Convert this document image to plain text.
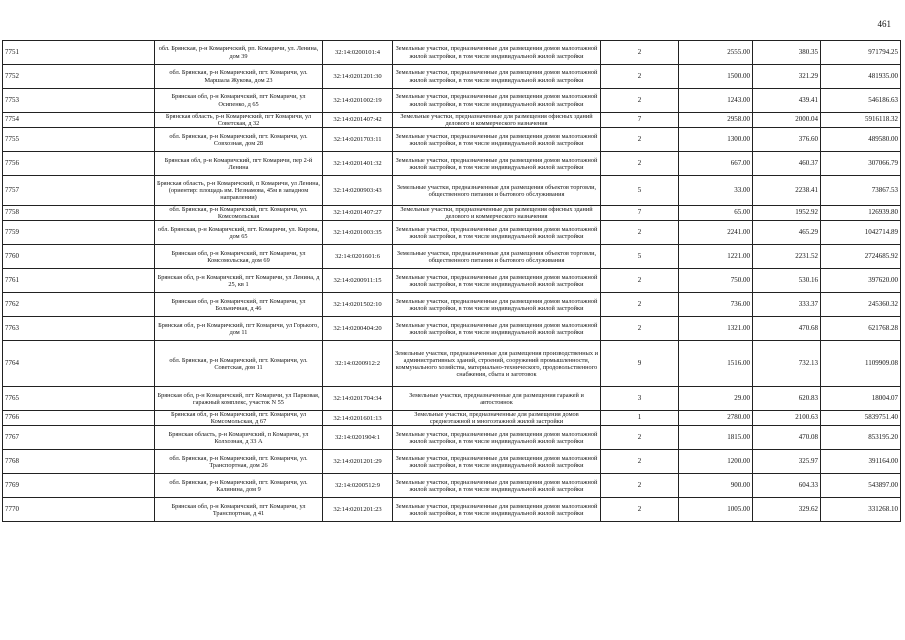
461
7751	обл. Брянская, р-н Комаричский, рп. Комаричи, ул. Ленина, дом 39	32:14:0200101:4	Земельные участки, предназначенные для размещения домов малоэтажной жилой застройки, в том числе индивидуальной жилой застройки	2	2555.00	380.35	971794.25
7752	обл. Брянская, р-н Комаричский, пгт. Комаричи, ул. Маршала Жукова, дом 23	32:14:0201201:30	Земельные участки, предназначенные для размещения домов малоэтажной жилой застройки, в том числе индивидуальной жилой застройки	2	1500.00	321.29	481935.00
7753	Брянская обл, р-н Комаричский, пгт Комаричи, ул Осипенко, д 65	32:14:0201002:19	Земельные участки, предназначенные для размещения домов малоэтажной жилой застройки, в том числе индивидуальной жилой застройки	2	1243.00	439.41	546186.63
7754	Брянская область, р-н Комаричский, пгт Комаричи, ул Советская, д 32	32:14:0201407:42	Земельные участки, предназначенные для размещения офисных зданий делового и коммерческого назначения	7	2958.00	2000.04	5916118.32
7755	обл. Брянская, р-н Комаричский, пгт. Комаричи, ул. Совхозная, дом 28	32:14:0201703:11	Земельные участки, предназначенные для размещения домов малоэтажной жилой застройки, в том числе индивидуальной жилой застройки	2	1300.00	376.60	489580.00
7756	Брянская обл, р-н Комаричский, пгт Комаричи, пер 2-й Ленина	32:14:0201401:32	Земельные участки, предназначенные для размещения домов малоэтажной жилой застройки, в том числе индивидуальной жилой застройки	2	667.00	460.37	307066.79
7757	Брянская область, р-н Комаричский, п Комаричи, ул Ленина, (ориентир: площадь им. Незнамова, 45м в западном направлении)	32:14:0200903:43	Земельные участки, предназначенные для размещения объектов торговли, общественного питания и бытового обслуживания	5	33.00	2238.41	73867.53
7758	обл. Брянская, р-н Комаричский, пгт. Комаричи, ул. Комсомольская	32:14:0201407:27	Земельные участки, предназначенные для размещения офисных зданий делового и коммерческого назначения	7	65.00	1952.92	126939.80
7759	обл. Брянская, р-н Комаричский, пгт. Комаричи, ул. Кирова, дом 65	32:14:0201003:35	Земельные участки, предназначенные для размещения домов малоэтажной жилой застройки, в том числе индивидуальной жилой застройки	2	2241.00	465.29	1042714.89
7760	Брянская обл, р-н Комаричский, пгт Комаричи, ул Комсомольская, дом 69	32:14:0201601:6	Земельные участки, предназначенные для размещения объектов торговли, общественного питания и бытового обслуживания	5	1221.00	2231.52	2724685.92
7761	Брянская обл, р-н Комаричский, пгт Комаричи, ул Ленина, д 25, кв 1	32:14:0200911:15	Земельные участки, предназначенные для размещения домов малоэтажной жилой застройки, в том числе индивидуальной жилой застройки	2	750.00	530.16	397620.00
7762	Брянская обл, р-н Комаричский, пгт Комаричи, ул Больничная, д 46	32:14:0201502:10	Земельные участки, предназначенные для размещения домов малоэтажной жилой застройки, в том числе индивидуальной жилой застройки	2	736.00	333.37	245360.32
7763	Брянская обл, р-н Комаричский, пгт Комаричи, ул Горького, дом 11	32:14:0200404:20	Земельные участки, предназначенные для размещения домов малоэтажной жилой застройки, в том числе индивидуальной жилой застройки	2	1321.00	470.68	621768.28
7764	обл. Брянская, р-н Комаричский, пгт. Комаричи, ул. Советская, дом 11	32:14:0200912:2	Земельные участки, предназначенные для размещения производственных и административных зданий, строений, сооружений промышленности, коммунального хозяйства, материально-технического, продовольственного снабжения, сбыта и заготовок	9	1516.00	732.13	1109909.08
7765	Брянская обл, р-н Комаричский, пгт Комаричи, ул Парковая, гаражный комплекс, участок N 55	32:14:0201704:34	Земельные участки, предназначенные для размещения гаражей и автостоянок	3	29.00	620.83	18004.07
7766	Брянская обл, р-н Комаричский, пгт. Комаричи, ул Комсомольская, д 67	32:14:0201601:13	Земельные участки, предназначенные для размещения домов среднеэтажной и многоэтажной жилой застройки	1	2780.00	2100.63	5839751.40
7767	Брянская область, р-н Комаричский, п Комаричи, ул Колхозная, д 33 А	32:14:0201904:1	Земельные участки, предназначенные для размещения домов малоэтажной жилой застройки, в том числе индивидуальной жилой застройки	2	1815.00	470.08	853195.20
7768	обл. Брянская, р-н Комаричский, пгт. Комаричи, ул. Транспортная, дом 26	32:14:0201201:29	Земельные участки, предназначенные для размещения домов малоэтажной жилой застройки, в том числе индивидуальной жилой застройки	2	1200.00	325.97	391164.00
7769	обл. Брянская, р-н Комаричский, пгт. Комаричи, ул. Калинина, дом 9	32:14:0200512:9	Земельные участки, предназначенные для размещения домов малоэтажной жилой застройки, в том числе индивидуальной жилой застройки	2	900.00	604.33	543897.00
7770	Брянская обл, р-н Комаричский, пгт Комаричи, ул Транспортная, д 41	32:14:0201201:23	Земельные участки, предназначенные для размещения домов малоэтажной жилой застройки, в том числе индивидуальной жилой застройки	2	1005.00	329.62	331268.10
